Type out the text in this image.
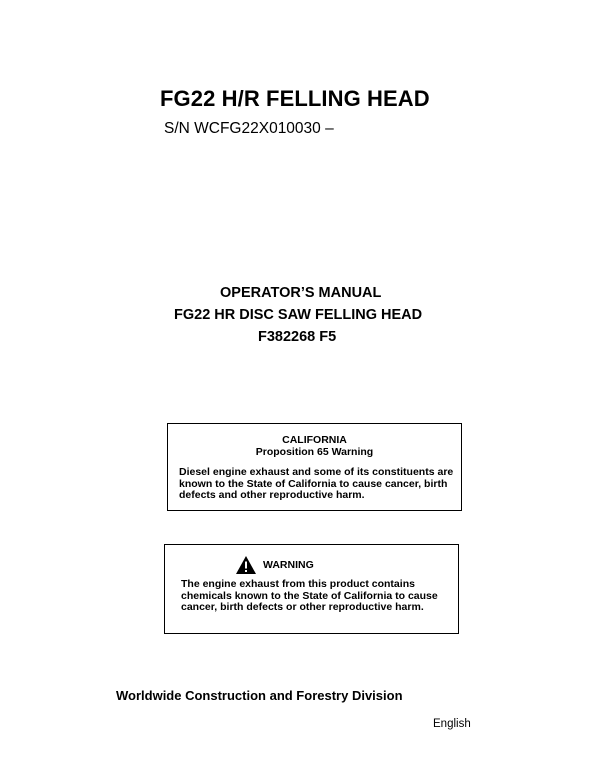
FG22 H/R FELLING HEAD
S/N WCFG22X010030 –
OPERATOR’S MANUAL
FG22 HR DISC SAW FELLING HEAD
F382268 F5
CALIFORNIA
Proposition 65 Warning
Diesel engine exhaust and some of its constituents are known to the State of California to cause cancer, birth defects and other reproductive harm.
WARNING
The engine exhaust from this product contains chemicals known to the State of California to cause cancer, birth defects or other reproductive harm.
Worldwide Construction and Forestry Division
English
